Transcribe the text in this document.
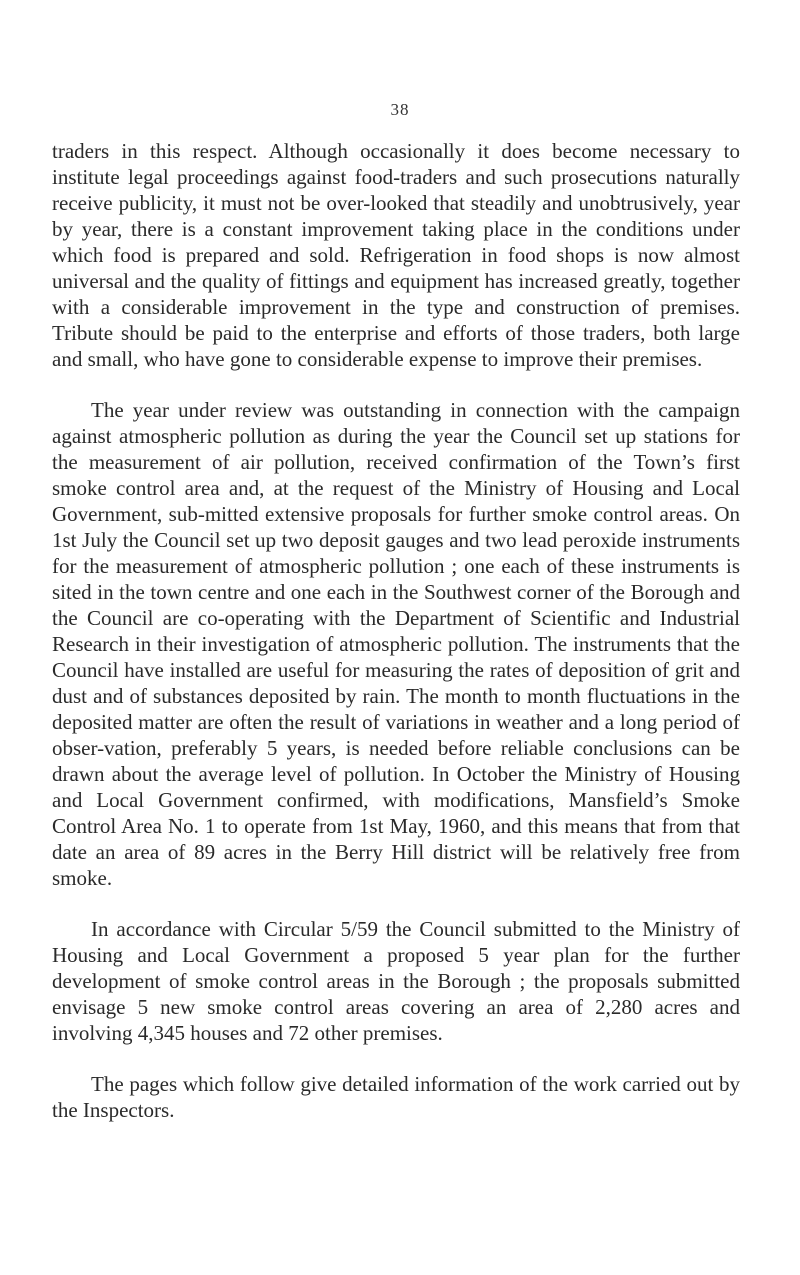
38

traders in this respect. Although occasionally it does become necessary to institute legal proceedings against food-traders and such prosecutions naturally receive publicity, it must not be over-looked that steadily and unobtrusively, year by year, there is a constant improvement taking place in the conditions under which food is prepared and sold. Refrigeration in food shops is now almost universal and the quality of fittings and equipment has increased greatly, together with a considerable improvement in the type and construction of premises. Tribute should be paid to the enterprise and efforts of those traders, both large and small, who have gone to considerable expense to improve their premises.

The year under review was outstanding in connection with the campaign against atmospheric pollution as during the year the Council set up stations for the measurement of air pollution, received confirmation of the Town’s first smoke control area and, at the request of the Ministry of Housing and Local Government, sub-mitted extensive proposals for further smoke control areas. On 1st July the Council set up two deposit gauges and two lead peroxide instruments for the measurement of atmospheric pollution ; one each of these instruments is sited in the town centre and one each in the Southwest corner of the Borough and the Council are co-operating with the Department of Scientific and Industrial Research in their investigation of atmospheric pollution. The instruments that the Council have installed are useful for measuring the rates of deposition of grit and dust and of substances deposited by rain. The month to month fluctuations in the deposited matter are often the result of variations in weather and a long period of obser-vation, preferably 5 years, is needed before reliable conclusions can be drawn about the average level of pollution. In October the Ministry of Housing and Local Government confirmed, with modifications, Mansfield’s Smoke Control Area No. 1 to operate from 1st May, 1960, and this means that from that date an area of 89 acres in the Berry Hill district will be relatively free from smoke.

In accordance with Circular 5/59 the Council submitted to the Ministry of Housing and Local Government a proposed 5 year plan for the further development of smoke control areas in the Borough ; the proposals submitted envisage 5 new smoke control areas covering an area of 2,280 acres and involving 4,345 houses and 72 other premises.

The pages which follow give detailed information of the work carried out by the Inspectors.
